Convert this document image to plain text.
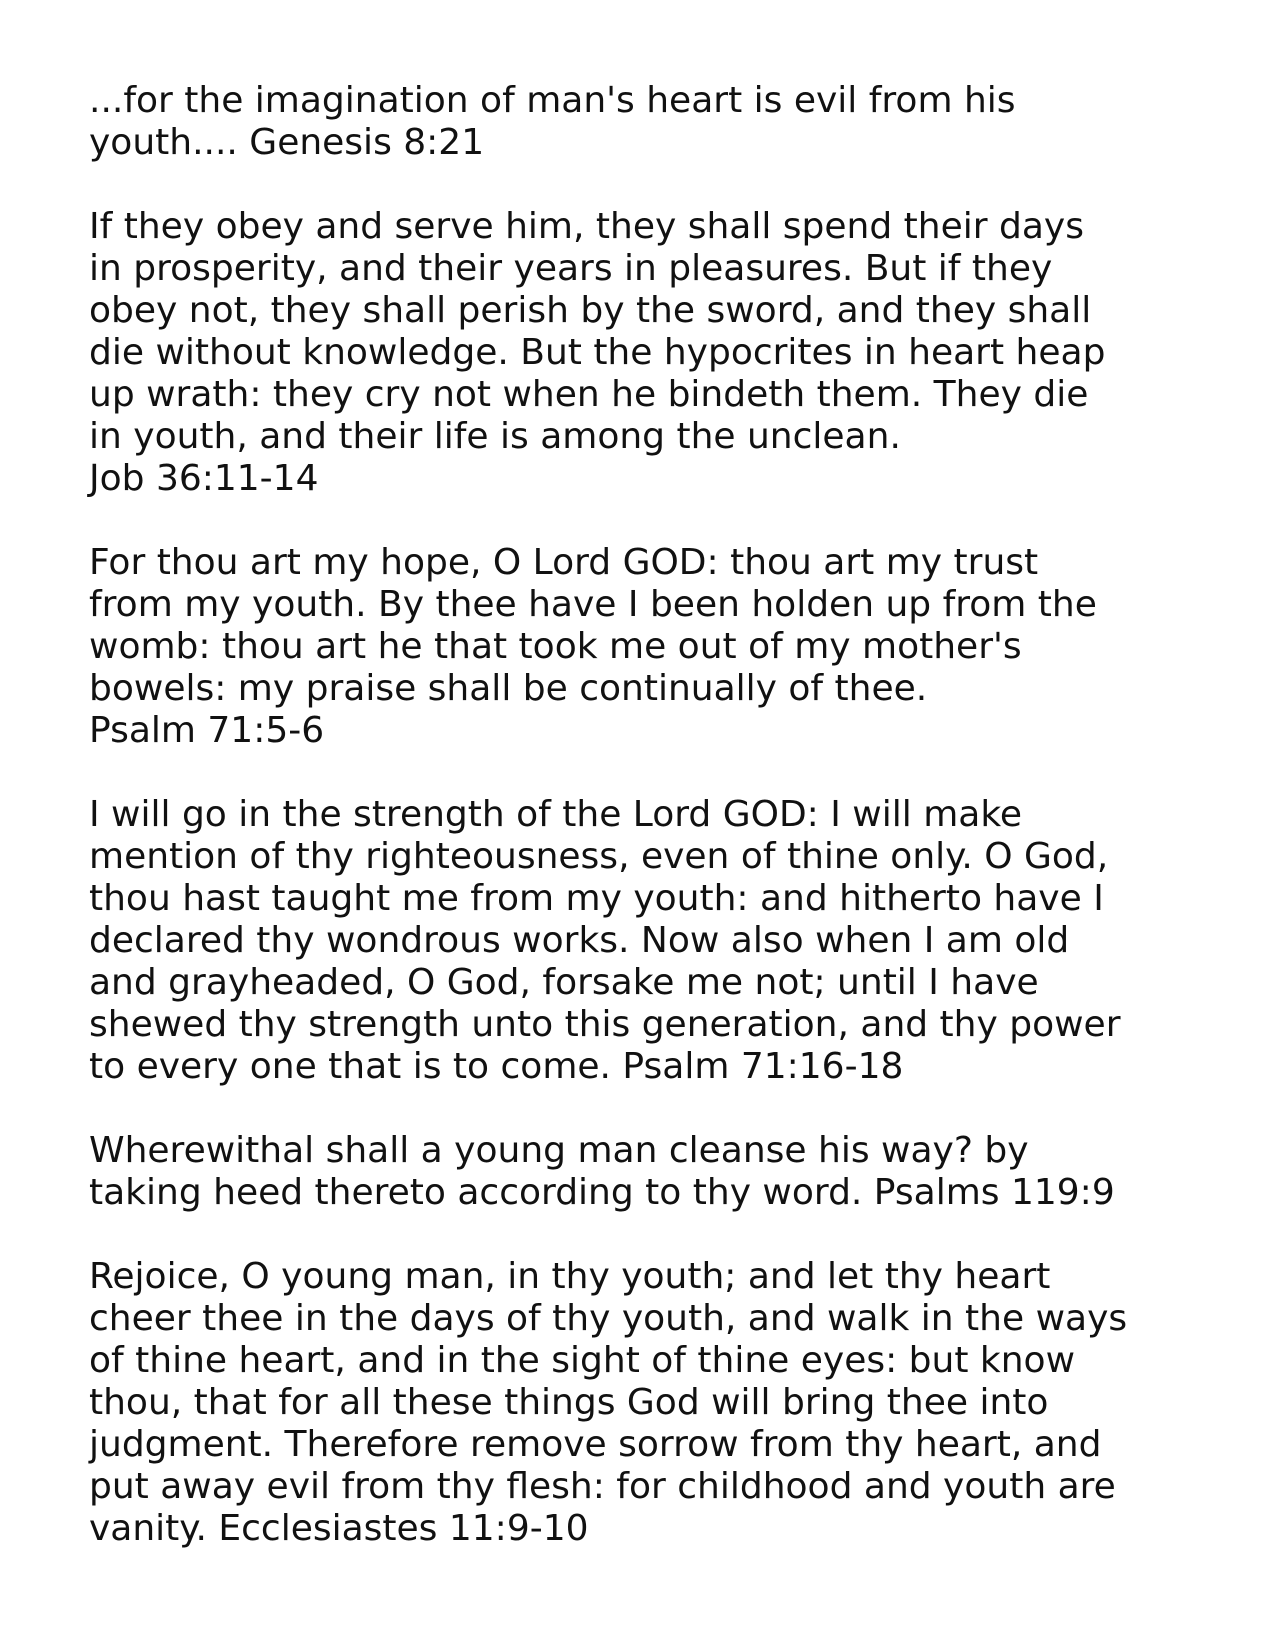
...for the imagination of man's heart is evil from his
youth.... Genesis 8:21
If they obey and serve him, they shall spend their days
in prosperity, and their years in pleasures. But if they
obey not, they shall perish by the sword, and they shall
die without knowledge. But the hypocrites in heart heap
up wrath: they cry not when he bindeth them. They die
in youth, and their life is among the unclean.
Job 36:11-14
For thou art my hope, O Lord GOD: thou art my trust
from my youth. By thee have I been holden up from the
womb: thou art he that took me out of my mother's
bowels: my praise shall be continually of thee.
Psalm 71:5-6
I will go in the strength of the Lord GOD: I will make
mention of thy righteousness, even of thine only. O God,
thou hast taught me from my youth: and hitherto have I
declared thy wondrous works. Now also when I am old
and grayheaded, O God, forsake me not; until I have
shewed thy strength unto this generation, and thy power
to every one that is to come. Psalm 71:16-18
Wherewithal shall a young man cleanse his way? by
taking heed thereto according to thy word. Psalms 119:9
Rejoice, O young man, in thy youth; and let thy heart
cheer thee in the days of thy youth, and walk in the ways
of thine heart, and in the sight of thine eyes: but know
thou, that for all these things God will bring thee into
judgment. Therefore remove sorrow from thy heart, and
put away evil from thy flesh: for childhood and youth are
vanity. Ecclesiastes 11:9-10
